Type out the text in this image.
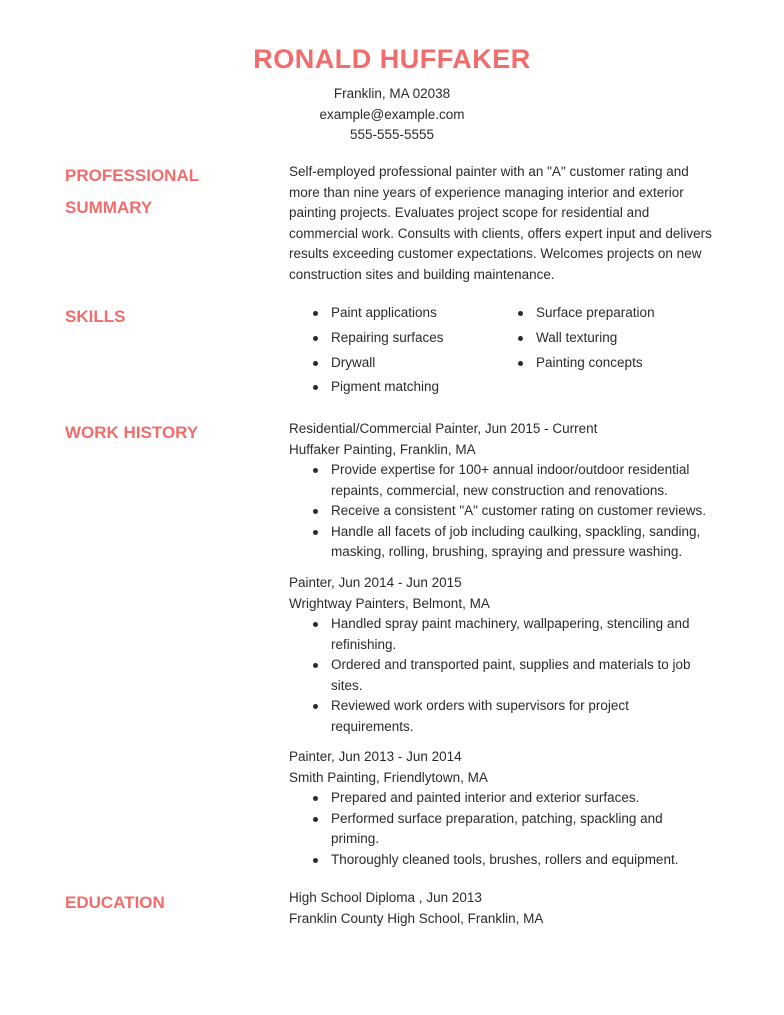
RONALD HUFFAKER
Franklin, MA 02038
example@example.com
555-555-5555
PROFESSIONAL
SUMMARY
Self-employed professional painter with an "A" customer rating and
more than nine years of experience managing interior and exterior
painting projects. Evaluates project scope for residential and
commercial work. Consults with clients, offers expert input and delivers
results exceeding customer expectations. Welcomes projects on new
construction sites and building maintenance.
SKILLS	Paint applications	Surface preparation
Repairing surfaces	Wall texturing
Drywall	Painting concepts
Pigment matching
WORK HISTORY	Residential/Commercial Painter, Jun 2015 - Current
Huffaker Painting, Franklin, MA
Provide expertise for 100+ annual indoor/outdoor residential
repaints, commercial, new construction and renovations.
Receive a consistent "A" customer rating on customer reviews.
Handle all facets of job including caulking, spackling, sanding,
masking, rolling, brushing, spraying and pressure washing.
Painter, Jun 2014 - Jun 2015
Wrightway Painters, Belmont, MA
Handled spray paint machinery, wallpapering, stenciling and
refinishing.
Ordered and transported paint, supplies and materials to job
sites.
Reviewed work orders with supervisors for project
requirements.
Painter, Jun 2013 - Jun 2014
Smith Painting, Friendlytown, MA
Prepared and painted interior and exterior surfaces.
Performed surface preparation, patching, spackling and
priming.
Thoroughly cleaned tools, brushes, rollers and equipment.
EDUCATION	High School Diploma , Jun 2013
Franklin County High School, Franklin, MA
